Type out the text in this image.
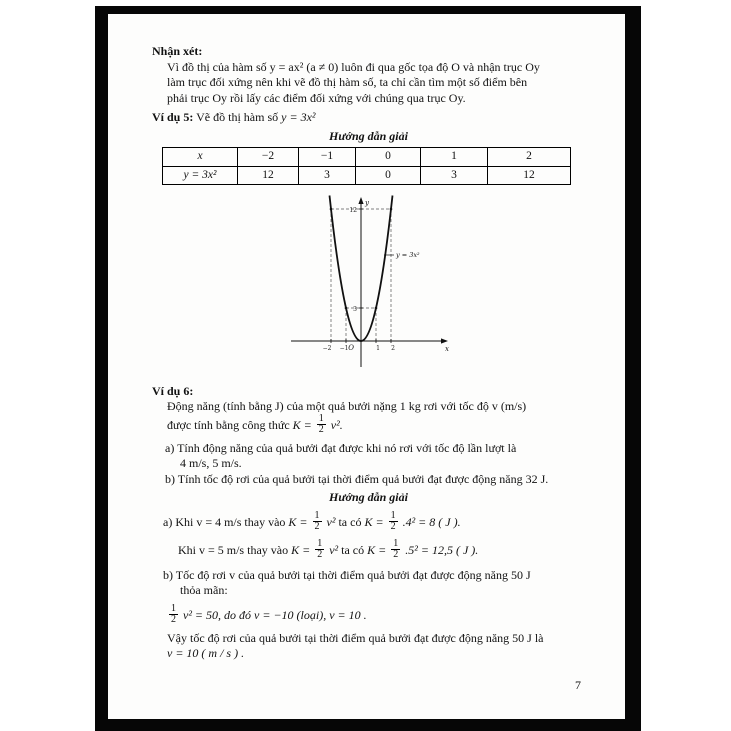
Nhận xét:
Vì đồ thị của hàm số y = ax² (a ≠ 0) luôn đi qua gốc tọa độ O và nhận trục Oy
làm trục đối xứng nên khi vẽ đồ thị hàm số, ta chỉ cần tìm một số điểm bên
phải trục Oy rồi lấy các điểm đối xứng với chúng qua trục Oy.
Ví dụ 5: Vẽ đồ thị hàm số y = 3x²
Hướng dẫn giải
x	−2	−1	0	1	2
y = 3x²	12	3	0	3	12
−2 −1	1 2
3
12
O	x
y
y = 3x²
Ví dụ 6:
Động năng (tính bằng J) của một quả bưởi nặng 1 kg rơi với tốc độ v (m/s)
được tính bằng công thức $K = \frac{1}{2} v^2$.
a) Tính động năng của quả bưởi đạt được khi nó rơi với tốc độ lần lượt là
4 m/s, 5 m/s.
b) Tính tốc độ rơi của quả bưởi tại thời điểm quả bưởi đạt được động năng 32 J.
Hướng dẫn giải
a) Khi v = 4 m/s thay vào $K = \frac{1}{2} v^2$ ta có $K = \frac{1}{2} .4^2 = 8$ ( J ).
Khi v = 5 m/s thay vào $K = \frac{1}{2} v^2$ ta có $K = \frac{1}{2} .5^2 = 12,5$ ( J ).
b) Tốc độ rơi v của quả bưởi tại thời điểm quả bưởi đạt được động năng 50 J
thỏa mãn:
$\frac{1}{2} v^2 = 50$, do đó v = −10 (loại), v = 10 .
Vậy tốc độ rơi của quả bưởi tại thời điểm quả bưởi đạt được động năng 50 J là
v = 10 ( m / s ) .
7
